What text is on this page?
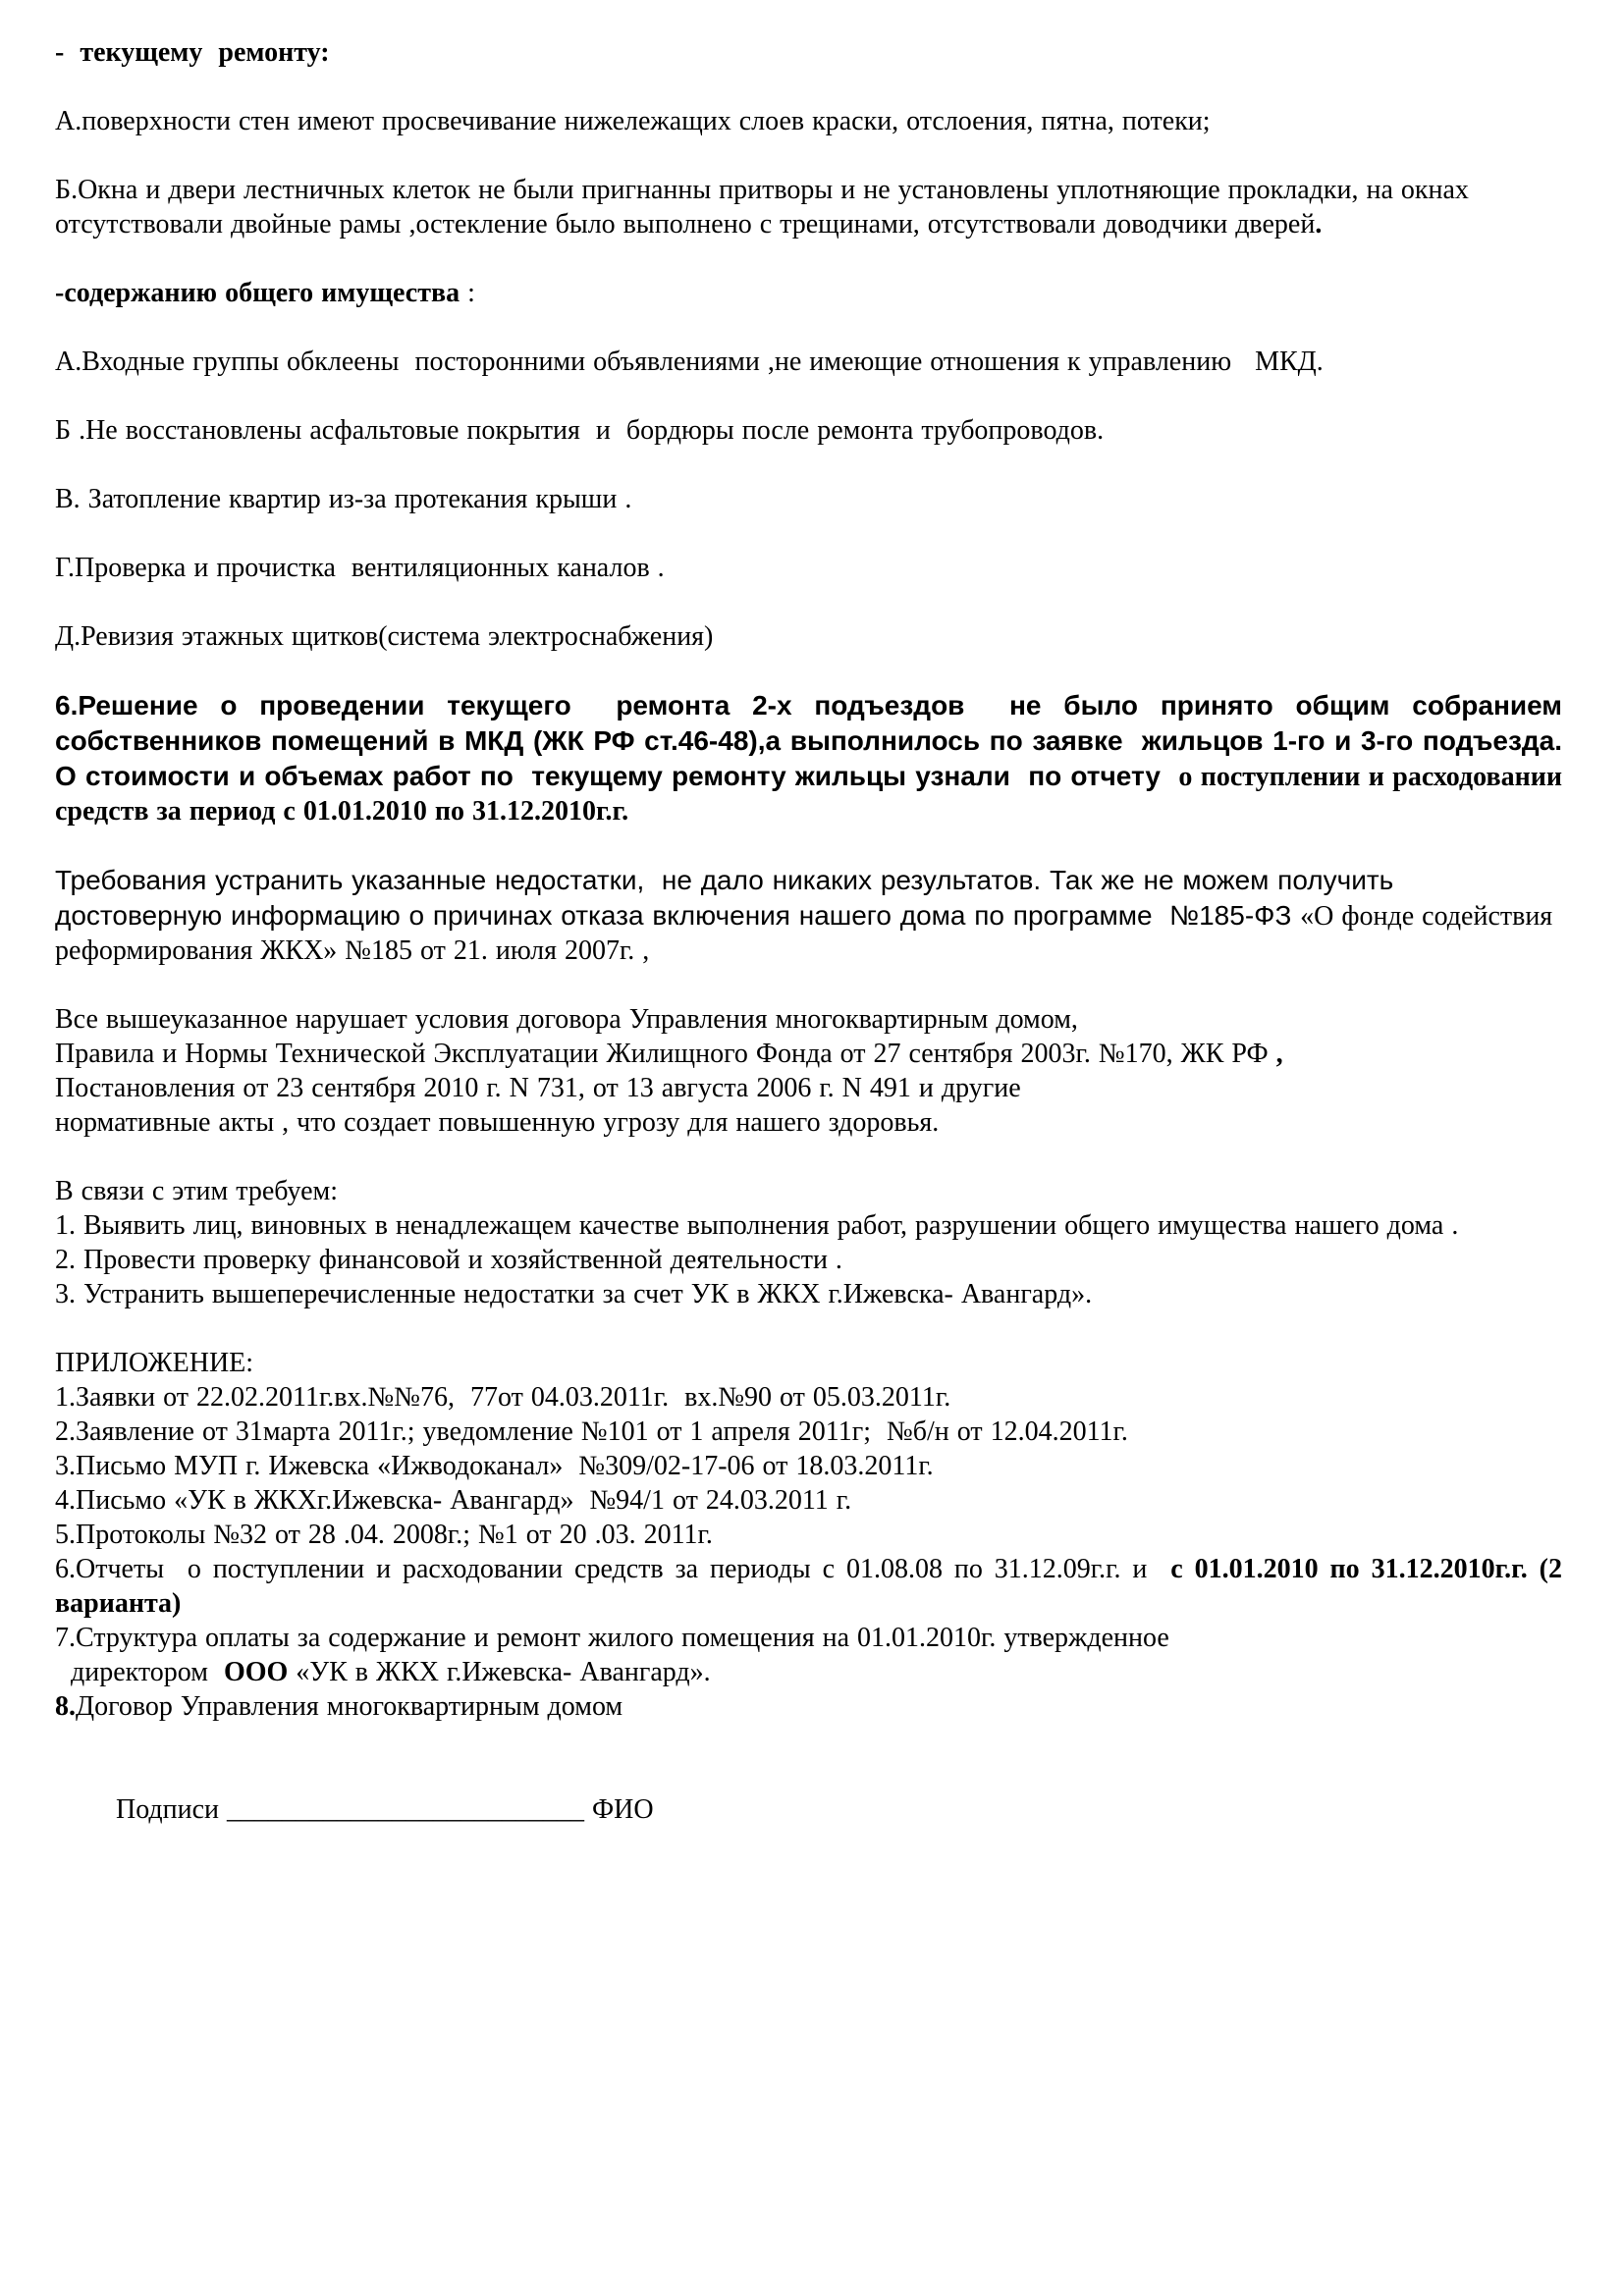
-  текущему  ремонту:

А.поверхности стен имеют просвечивание нижележащих слоев краски, отслоения, пятна, потеки;

Б.Окна и двери лестничных клеток не были пригнанны притворы и не установлены уплотняющие прокладки, на окнах отсутствовали двойные рамы ,остекление было выполнено с трещинами, отсутствовали доводчики дверей.

-содержанию общего имущества :

А.Входные группы обклеены  посторонними объявлениями ,не имеющие отношения к управлению   МКД.

Б .Не восстановлены асфальтовые покрытия  и  бордюры после ремонта трубопроводов.

В. Затопление квартир из-за протекания крыши .

Г.Проверка и прочистка  вентиляционных каналов .

Д.Ревизия этажных щитков(система электроснабжения)

6.Решение о проведении текущего  ремонта 2-х подъездов  не было принято общим собранием собственников помещений в МКД (ЖК РФ ст.46-48),а выполнилось по заявке  жильцов 1-го и 3-го подъезда. О стоимости и объемах работ по  текущему ремонту жильцы узнали  по отчету  о поступлении и расходовании средств за период с 01.01.2010 по 31.12.2010г.г.

Требования устранить указанные недостатки,  не дало никаких результатов. Так же не можем получить достоверную информацию о причинах отказа включения нашего дома по программе  №185-ФЗ «О фонде содействия реформирования ЖКХ» №185 от 21. июля 2007г. ,

Все вышеуказанное нарушает условия договора Управления многоквартирным домом,

Правила и Нормы Технической Эксплуатации Жилищного Фонда от 27 сентября 2003г. №170, ЖК РФ ,

Постановления от 23 сентября 2010 г. N 731, от 13 августа 2006 г. N 491 и другие

нормативные акты , что создает повышенную угрозу для нашего здоровья.

В связи с этим требуем:

1. Выявить лиц, виновных в ненадлежащем качестве выполнения работ, разрушении общего имущества нашего дома .

2. Провести проверку финансовой и хозяйственной деятельности .

3. Устранить вышеперечисленные недостатки за счет УК в ЖКХ г.Ижевска- Авангард».

ПРИЛОЖЕНИЕ:

1.Заявки от 22.02.2011г.вх.№№76,  77от 04.03.2011г.  вх.№90 от 05.03.2011г.

2.Заявление от 31марта 2011г.; уведомление №101 от 1 апреля 2011г;  №б/н от 12.04.2011г.

3.Письмо МУП г. Ижевска «Ижводоканал»  №309/02-17-06 от 18.03.2011г.

4.Письмо «УК в ЖКХг.Ижевска- Авангард»  №94/1 от 24.03.2011 г.

5.Протоколы №32 от 28 .04. 2008г.; №1 от 20 .03. 2011г.

6.Отчеты  о поступлении и расходовании средств за периоды с 01.08.08 по 31.12.09г.г. и  с 01.01.2010 по 31.12.2010г.г. (2 варианта)

7.Структура оплаты за содержание и ремонт жилого помещения на 01.01.2010г. утвержденное

директором  ООО «УК в ЖКХ г.Ижевска- Авангард».

8.Договор Управления многоквартирным домом

Подписи __________________________ ФИО
